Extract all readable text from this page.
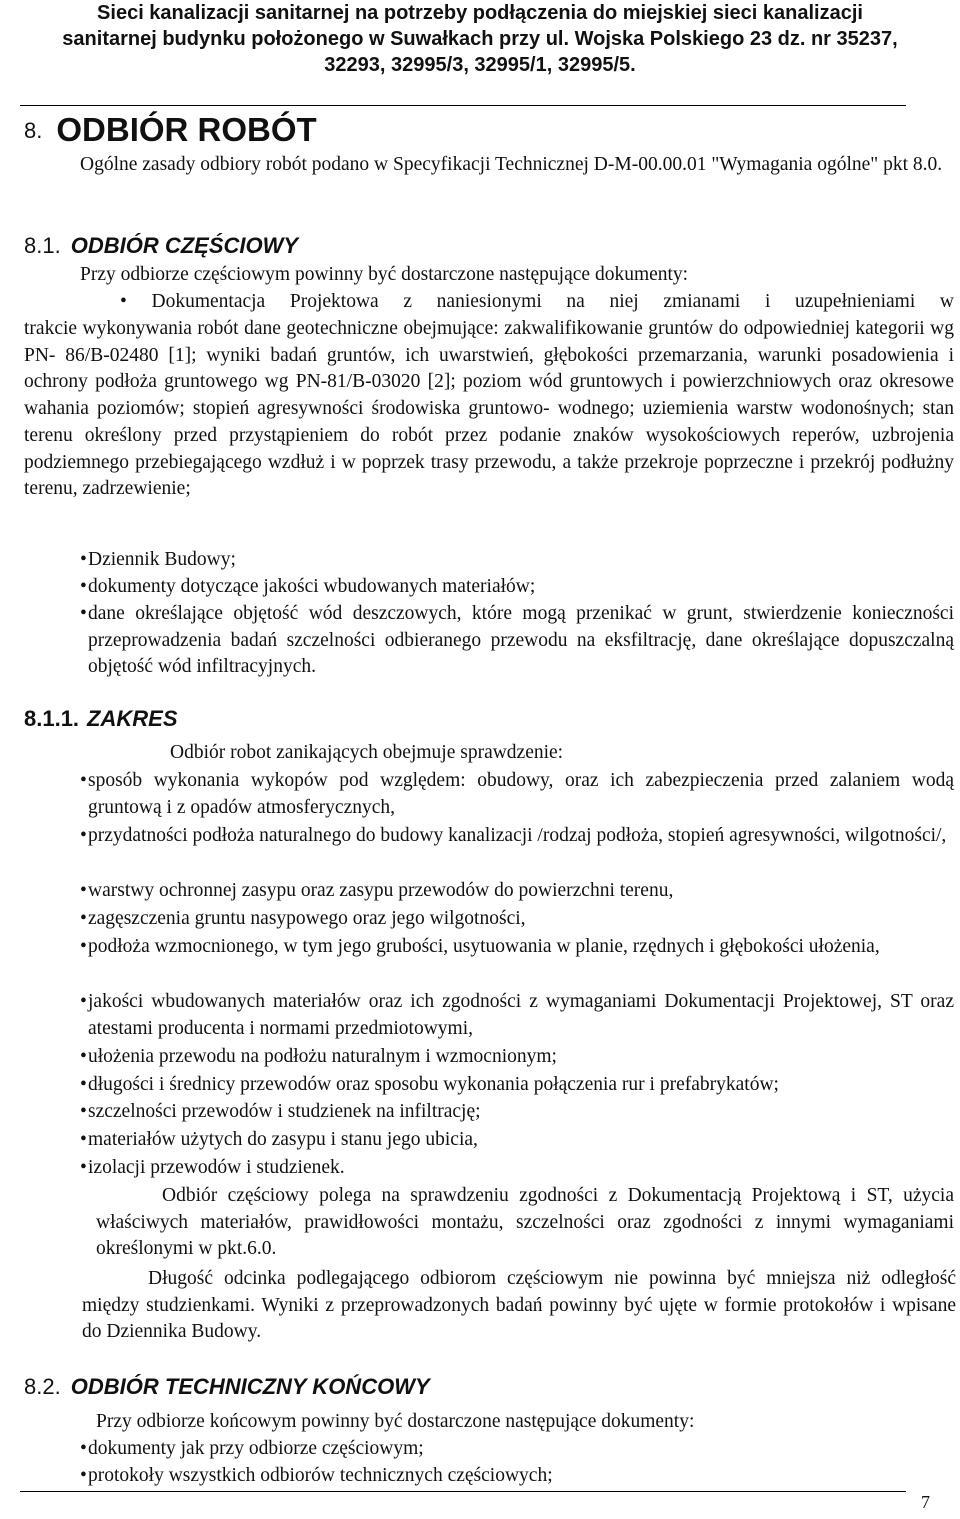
Sieci kanalizacji sanitarnej na potrzeby podłączenia do miejskiej sieci kanalizacji
sanitarnej budynku położonego w Suwałkach przy ul. Wojska Polskiego 23 dz. nr 35237,
32293, 32995/3, 32995/1, 32995/5.
8. ODBIÓR ROBÓT
Ogólne zasady odbiory robót podano w Specyfikacji Technicznej D-M-00.00.01 "Wymagania ogólne" pkt 8.0.
8.1. ODBIÓR CZĘŚCIOWY
Przy odbiorze częściowym powinny być dostarczone następujące dokumenty:
• Dokumentacja Projektowa z naniesionymi na niej zmianami i uzupełnieniami w
trakcie wykonywania robót dane geotechniczne obejmujące: zakwalifikowanie gruntów do odpowiedniej kategorii wg PN- 86/B-02480 [1]; wyniki badań gruntów, ich uwarstwień, głębokości przemarzania, warunki posadowienia i ochrony podłoża gruntowego wg PN-81/B-03020 [2]; poziom wód gruntowych i powierzchniowych oraz okresowe wahania poziomów; stopień agresywności środowiska gruntowo- wodnego; uziemienia warstw wodonośnych; stan terenu określony przed przystąpieniem do robót przez podanie znaków wysokościowych reperów, uzbrojenia podziemnego przebiegającego wzdłuż i w poprzek trasy przewodu, a także przekroje poprzeczne i przekrój podłużny terenu, zadrzewienie;
• Dziennik Budowy;
• dokumenty dotyczące jakości wbudowanych materiałów;
• dane określające objętość wód deszczowych, które mogą przenikać w grunt, stwierdzenie konieczności przeprowadzenia badań szczelności odbieranego przewodu na eksfiltrację, dane określające dopuszczalną objętość wód infiltracyjnych.
8.1.1. ZAKRES
Odbiór robot zanikających obejmuje sprawdzenie:
• sposób wykonania wykopów pod względem: obudowy, oraz ich zabezpieczenia przed zalaniem wodą gruntową i z opadów atmosferycznych,
• przydatności podłoża naturalnego do budowy kanalizacji /rodzaj podłoża, stopień agresywności, wilgotności/,
• warstwy ochronnej zasypu oraz zasypu przewodów do powierzchni terenu,
• zagęszczenia gruntu nasypowego oraz jego wilgotności,
• podłoża wzmocnionego, w tym jego grubości, usytuowania w planie, rzędnych i głębokości ułożenia,
• jakości wbudowanych materiałów oraz ich zgodności z wymaganiami Dokumentacji Projektowej, ST oraz atestami producenta i normami przedmiotowymi,
• ułożenia przewodu na podłożu naturalnym i wzmocnionym;
• długości i średnicy przewodów oraz sposobu wykonania połączenia rur i prefabrykatów;
• szczelności przewodów i studzienek na infiltrację;
• materiałów użytych do zasypu i stanu jego ubicia,
• izolacji przewodów i studzienek.
Odbiór częściowy polega na sprawdzeniu zgodności z Dokumentacją Projektową i ST, użycia właściwych materiałów, prawidłowości montażu, szczelności oraz zgodności z innymi wymaganiami określonymi w pkt.6.0.
Długość odcinka podlegającego odbiorom częściowym nie powinna być mniejsza niż odległość między studzienkami. Wyniki z przeprowadzonych badań powinny być ujęte w formie protokołów i wpisane do Dziennika Budowy.
8.2. ODBIÓR TECHNICZNY KOŃCOWY
Przy odbiorze końcowym powinny być dostarczone następujące dokumenty:
• dokumenty jak przy odbiorze częściowym;
• protokoły wszystkich odbiorów technicznych częściowych;
7
